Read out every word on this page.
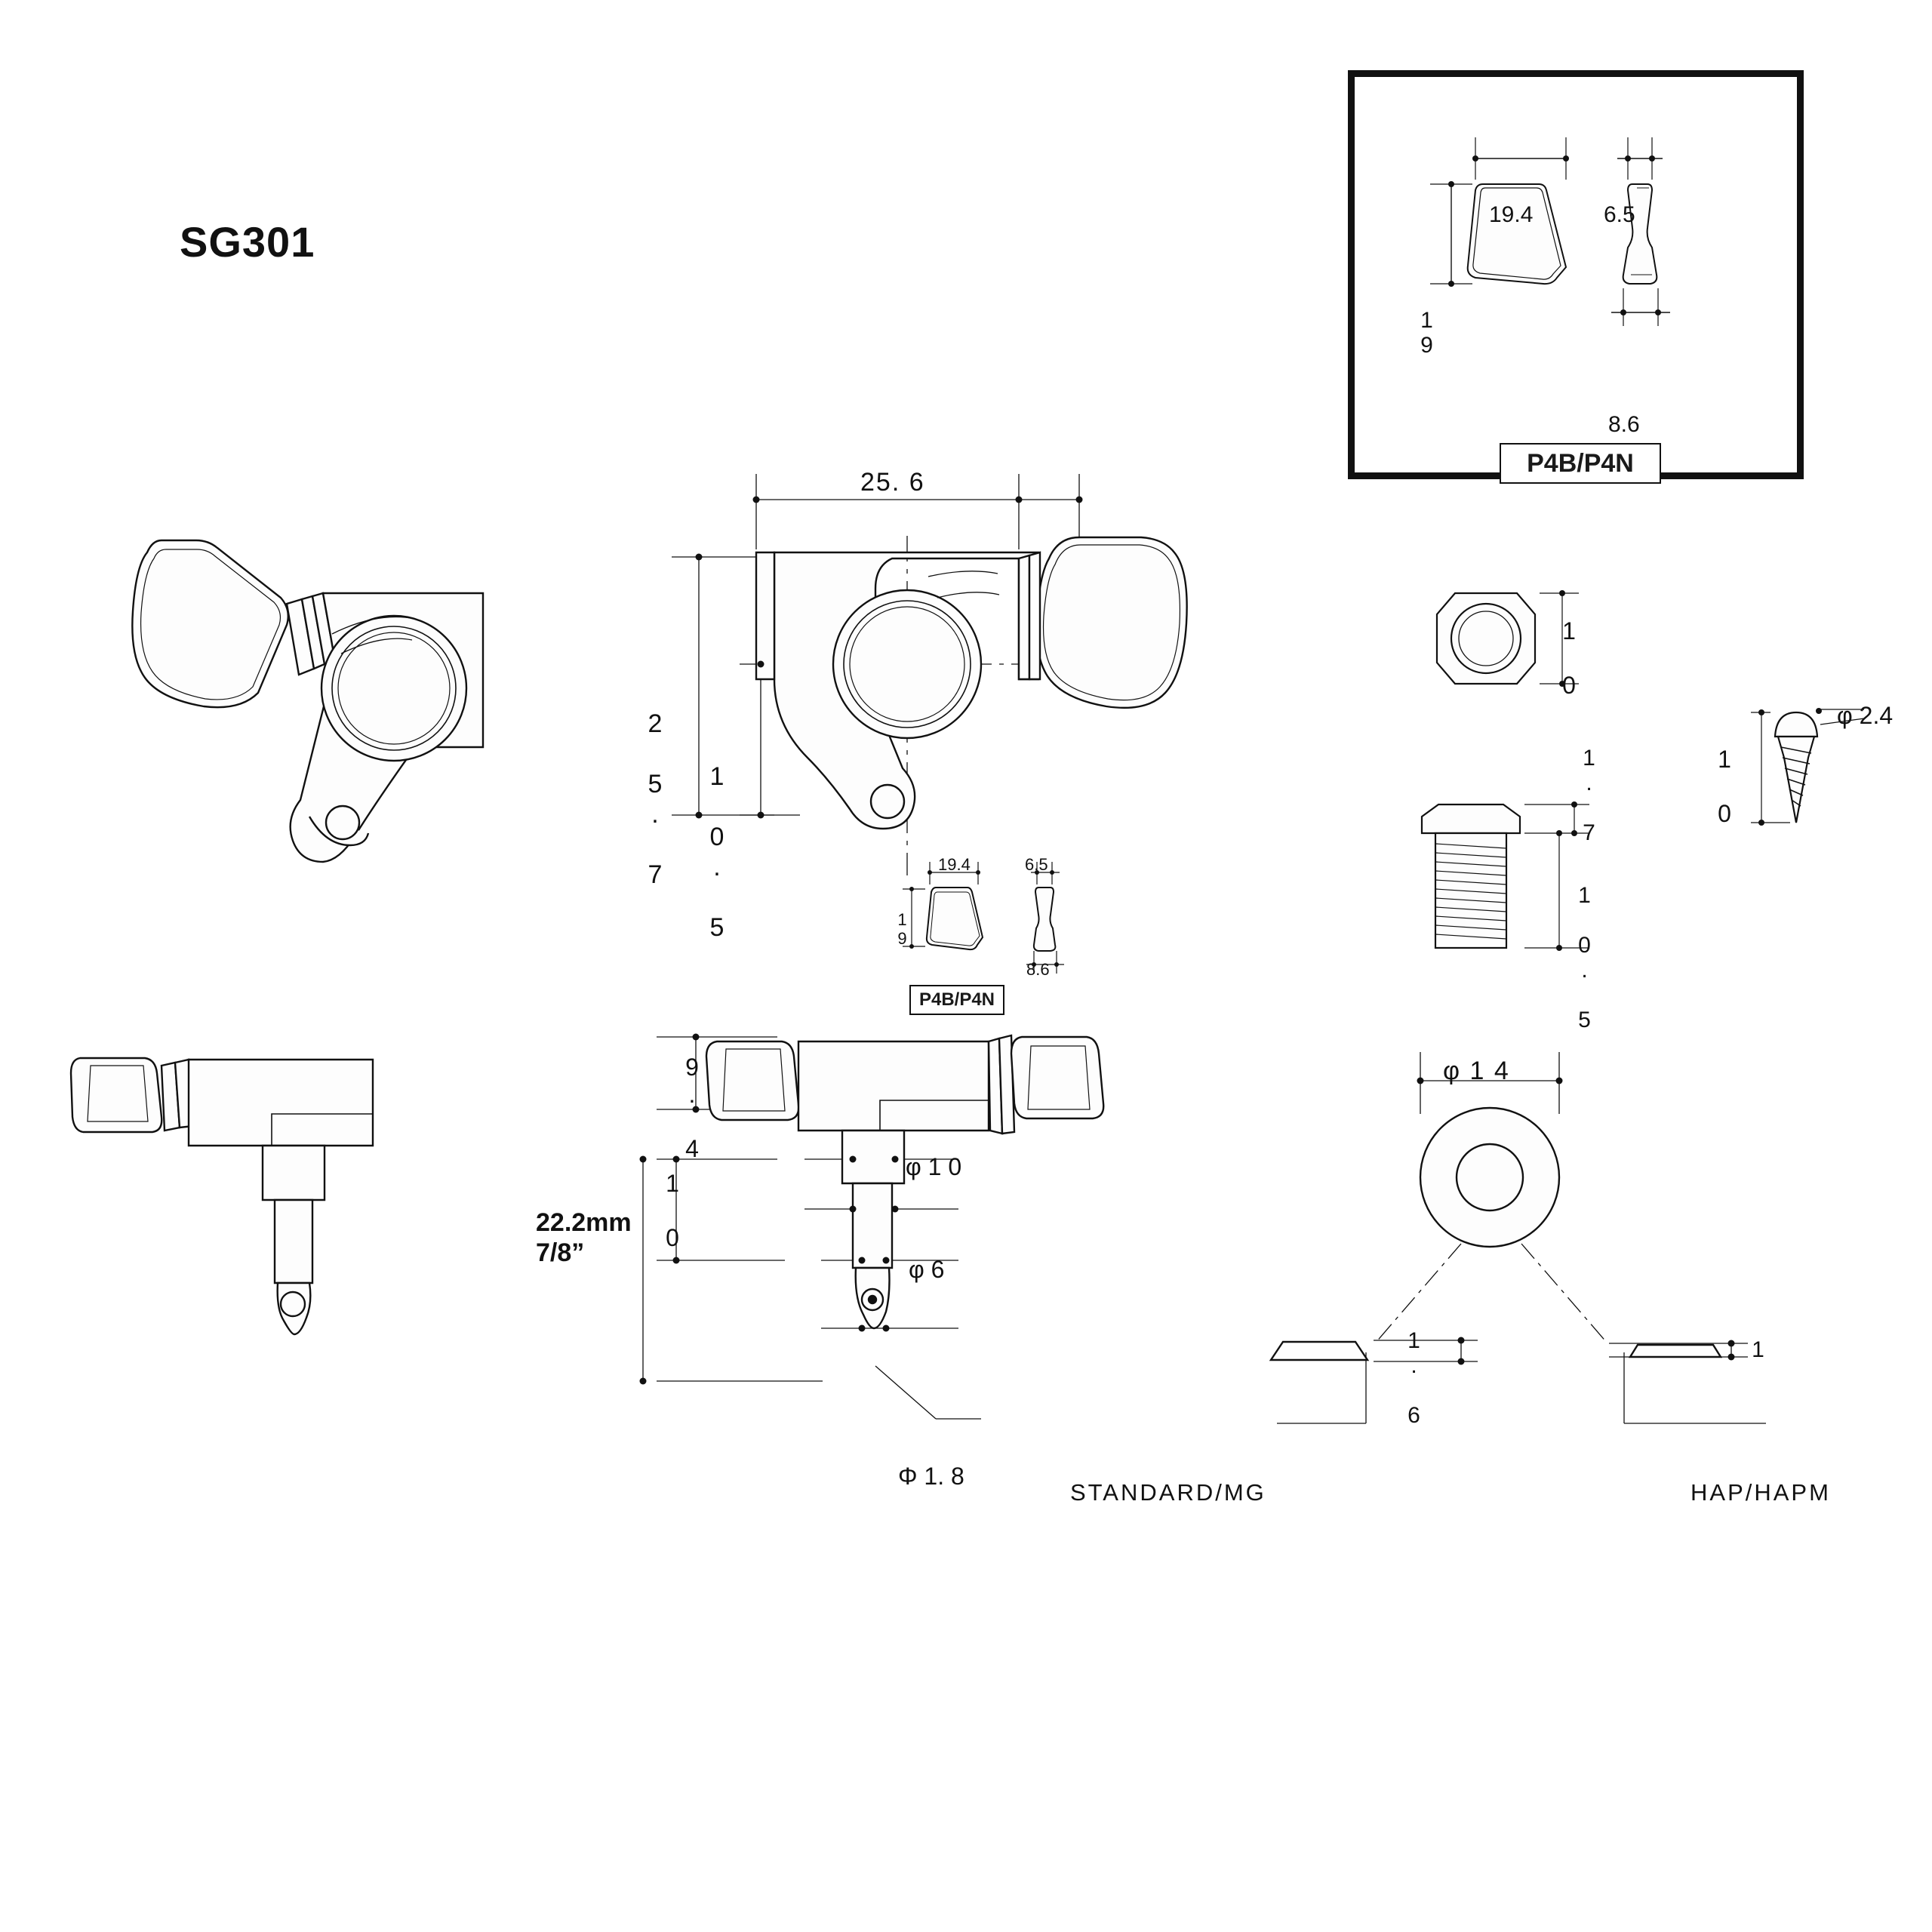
SG301
19.4
19
6.5
8.6
P4B/P4N
25. 6
2 5. 7 1 0. 5	19.4
19
6.5
8.6
P4B/P4N
1 0
1. 7
1 0. 5
1 0
φ 2.4
22.2mm
7/8”
9. 4
1 0
φ 1 0
φ 6
Φ 1. 8
φ 1 4
1. 6	1
STANDARD/MG	HAP/HAPM
